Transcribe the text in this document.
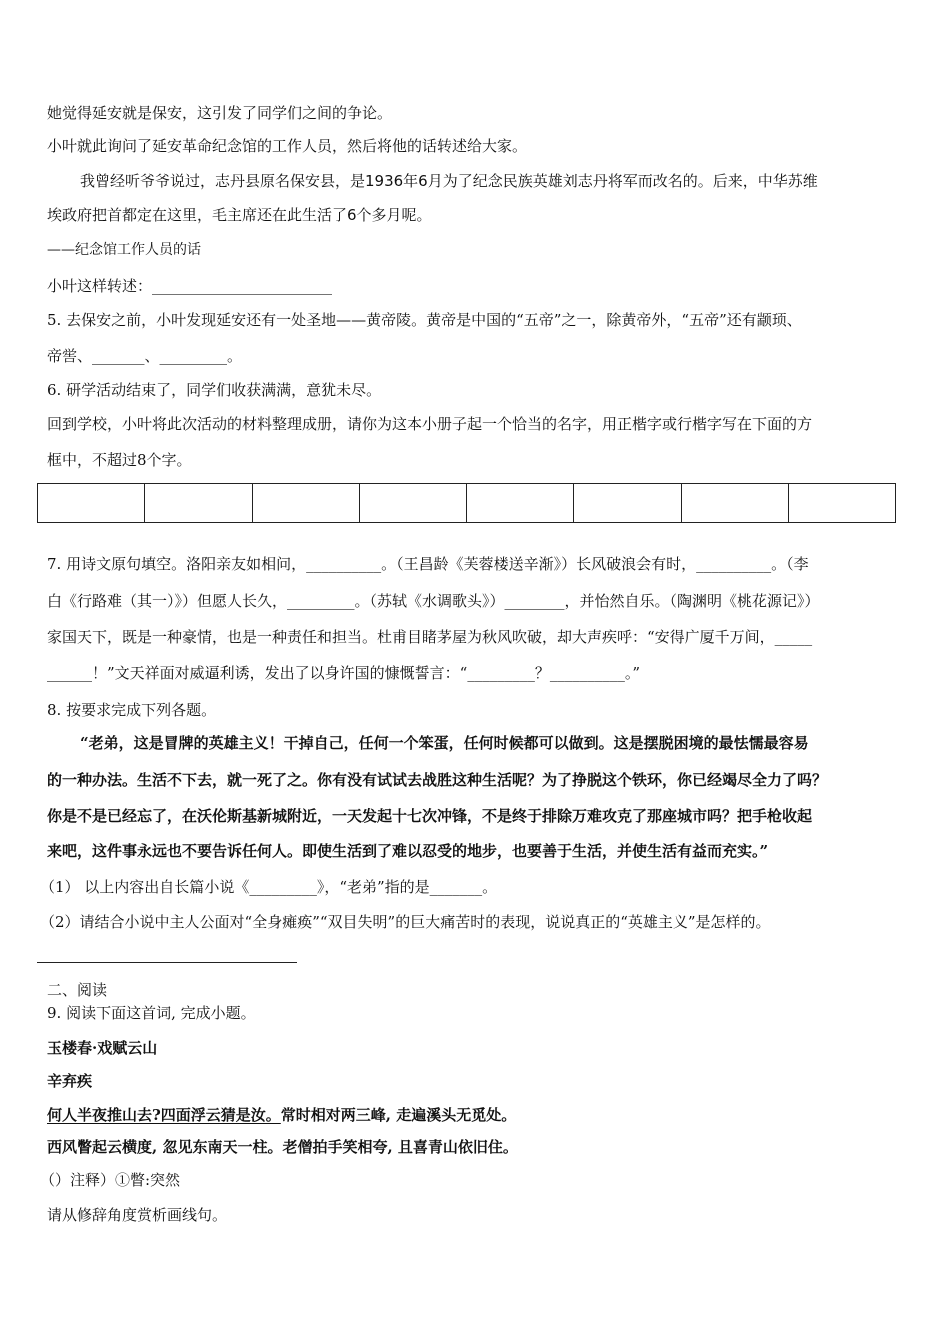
她觉得延安就是保安，这引发了同学们之间的争论。
小叶就此询问了延安革命纪念馆的工作人员，然后将他的话转述给大家。
我曾经听爷爷说过，志丹县原名保安县，是1936年6月为了纪念民族英雄刘志丹将军而改名的。后来，中华苏维
埃政府把首都定在这里，毛主席还在此生活了6个多月呢。
——纪念馆工作人员的话
小叶这样转述：________________________
5. 去保安之前，小叶发现延安还有一处圣地——黄帝陵。黄帝是中国的“五帝”之一，除黄帝外，“五帝”还有颛顼、
帝喾、_______、_________。
6. 研学活动结束了，同学们收获满满，意犹未尽。
回到学校，小叶将此次活动的材料整理成册，请你为这本小册子起一个恰当的名字，用正楷字或行楷字写在下面的方
框中，不超过8个字。
7. 用诗文原句填空。洛阳亲友如相问，__________。（王昌龄《芙蓉楼送辛渐》）长风破浪会有时，__________。（李
白《行路难（其一）》）但愿人长久，_________。（苏轼《水调歌头》）________，并怡然自乐。（陶渊明《桃花源记》）
家国天下，既是一种豪情，也是一种责任和担当。杜甫目睹茅屋为秋风吹破，却大声疾呼：“安得广厦千万间，_____
______！”文天祥面对威逼利诱，发出了以身许国的慷慨誓言：“_________？__________。”
8. 按要求完成下列各题。
“老弟，这是冒牌的英雄主义！干掉自己，任何一个笨蛋，任何时候都可以做到。这是摆脱困境的最怯懦最容易
的一种办法。生活不下去，就一死了之。你有没有试试去战胜这种生活呢？为了挣脱这个铁环，你已经竭尽全力了吗？
你是不是已经忘了，在沃伦斯基新城附近，一天发起十七次冲锋，不是终于排除万难攻克了那座城市吗？把手枪收起
来吧，这件事永远也不要告诉任何人。即使生活到了难以忍受的地步，也要善于生活，并使生活有益而充实。”
（1） 以上内容出自长篇小说《_________》，“老弟”指的是_______。
（2）请结合小说中主人公面对“全身瘫痪”“双目失明”的巨大痛苦时的表现，说说真正的“英雄主义”是怎样的。
二、阅读
9. 阅读下面这首词, 完成小题。
玉楼春·戏赋云山
辛弃疾
何人半夜推山去?四面浮云猜是汝。常时相对两三峰, 走遍溪头无觅处。
西风瞥起云横度, 忽见东南天一柱。老僧拍手笑相夸, 且喜青山依旧住。
（）注释）①瞥:突然
请从修辞角度赏析画线句。
